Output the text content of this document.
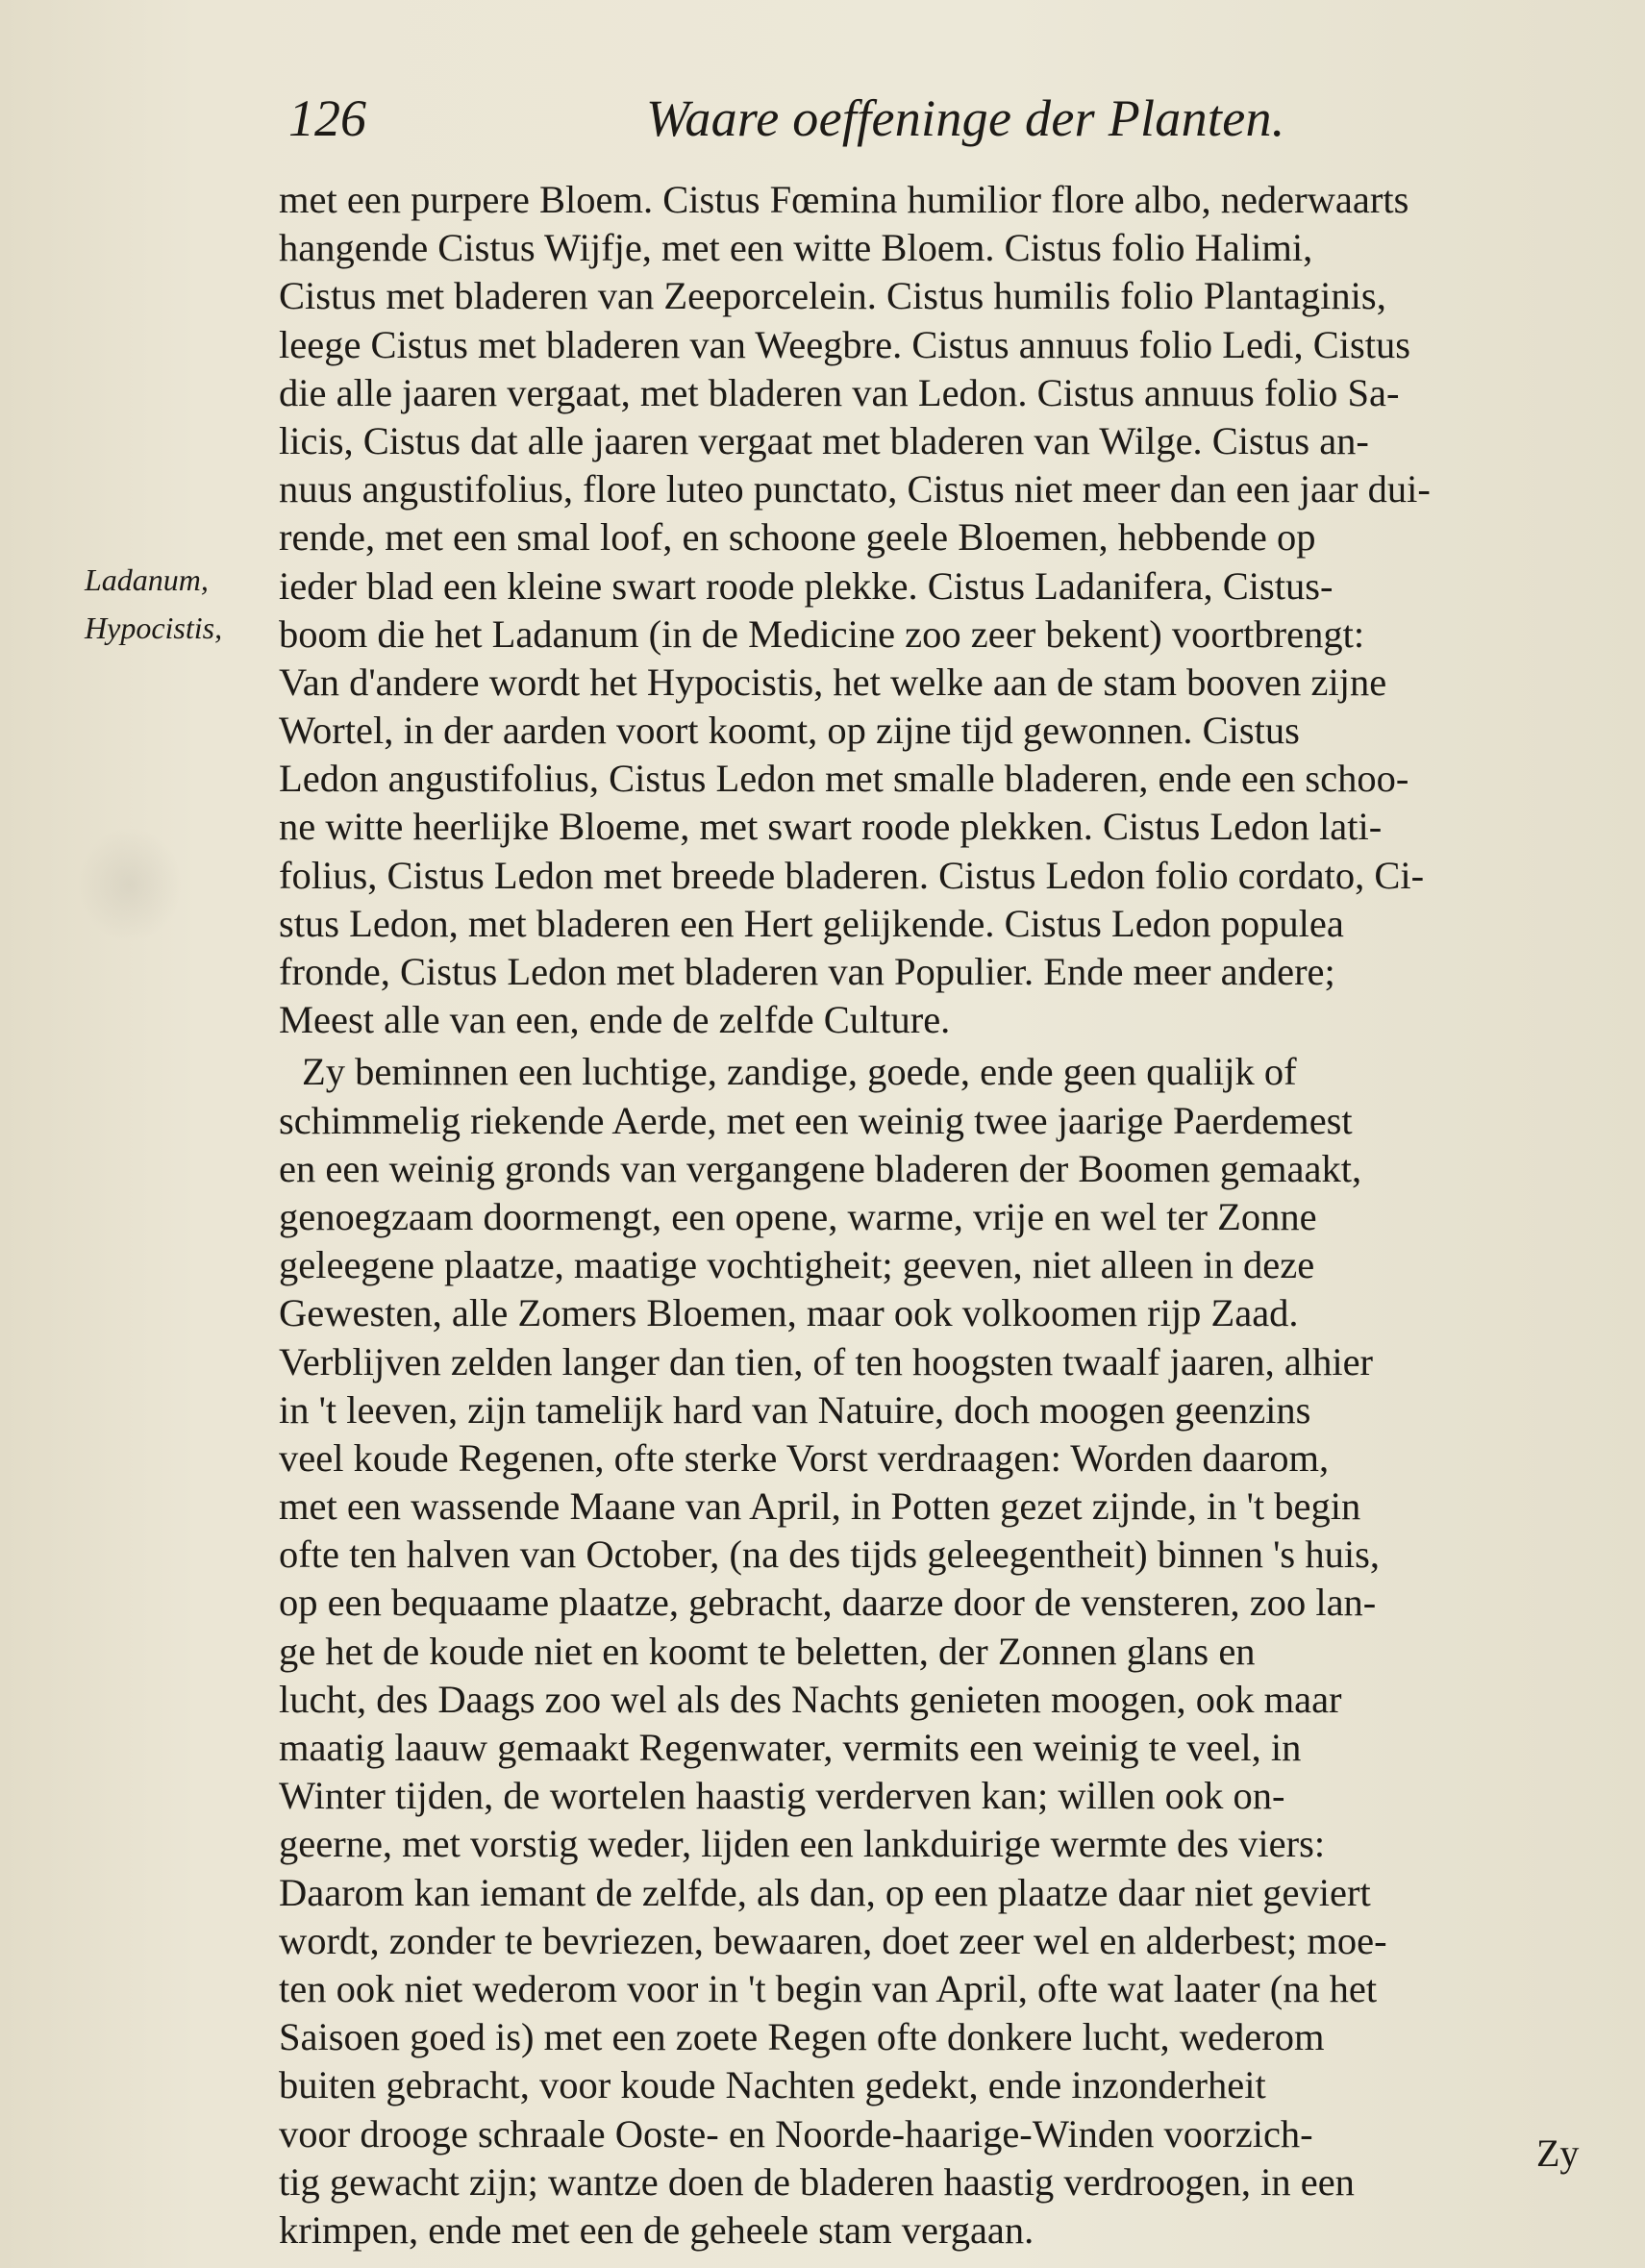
126	Waare oeffeninge der Planten.
Ladanum,
Hypocistis,
met een purpere Bloem. Cistus Fœmina humilior flore albo, nederwaarts
hangende Cistus Wijfje, met een witte Bloem. Cistus folio Halimi,
Cistus met bladeren van Zeeporcelein. Cistus humilis folio Plantaginis,
leege Cistus met bladeren van Weegbre. Cistus annuus folio Ledi, Cistus
die alle jaaren vergaat, met bladeren van Ledon. Cistus annuus folio Sa-
licis, Cistus dat alle jaaren vergaat met bladeren van Wilge. Cistus an-
nuus angustifolius, flore luteo punctato, Cistus niet meer dan een jaar dui-
rende, met een smal loof, en schoone geele Bloemen, hebbende op
ieder blad een kleine swart roode plekke. Cistus Ladanifera, Cistus-
boom die het Ladanum (in de Medicine zoo zeer bekent) voortbrengt:
Van d'andere wordt het Hypocistis, het welke aan de stam booven zijne
Wortel, in der aarden voort koomt, op zijne tijd gewonnen. Cistus
Ledon angustifolius, Cistus Ledon met smalle bladeren, ende een schoo-
ne witte heerlijke Bloeme, met swart roode plekken. Cistus Ledon lati-
folius, Cistus Ledon met breede bladeren. Cistus Ledon folio cordato, Ci-
stus Ledon, met bladeren een Hert gelijkende. Cistus Ledon populea
fronde, Cistus Ledon met bladeren van Populier. Ende meer andere;
Meest alle van een, ende de zelfde Culture.
Zy beminnen een luchtige, zandige, goede, ende geen qualijk of
schimmelig riekende Aerde, met een weinig twee jaarige Paerdemest
en een weinig gronds van vergangene bladeren der Boomen gemaakt,
genoegzaam doormengt, een opene, warme, vrije en wel ter Zonne
geleegene plaatze, maatige vochtigheit; geeven, niet alleen in deze
Gewesten, alle Zomers Bloemen, maar ook volkoomen rijp Zaad.
Verblijven zelden langer dan tien, of ten hoogsten twaalf jaaren, alhier
in 't leeven, zijn tamelijk hard van Natuire, doch moogen geenzins
veel koude Regenen, ofte sterke Vorst verdraagen: Worden daarom,
met een wassende Maane van April, in Potten gezet zijnde, in 't begin
ofte ten halven van October, (na des tijds geleegentheit) binnen 's huis,
op een bequaame plaatze, gebracht, daarze door de vensteren, zoo lan-
ge het de koude niet en koomt te beletten, der Zonnen glans en
lucht, des Daags zoo wel als des Nachts genieten moogen, ook maar
maatig laauw gemaakt Regenwater, vermits een weinig te veel, in
Winter tijden, de wortelen haastig verderven kan; willen ook on-
geerne, met vorstig weder, lijden een lankduirige wermte des viers:
Daarom kan iemant de zelfde, als dan, op een plaatze daar niet geviert
wordt, zonder te bevriezen, bewaaren, doet zeer wel en alderbest; moe-
ten ook niet wederom voor in 't begin van April, ofte wat laater (na het
Saisoen goed is) met een zoete Regen ofte donkere lucht, wederom
buiten gebracht, voor koude Nachten gedekt, ende inzonderheit
voor drooge schraale Ooste- en Noorde-haarige-Winden voorzich-
tig gewacht zijn; wantze doen de bladeren haastig verdroogen, in een
krimpen, ende met een de geheele stam vergaan.
Zy
